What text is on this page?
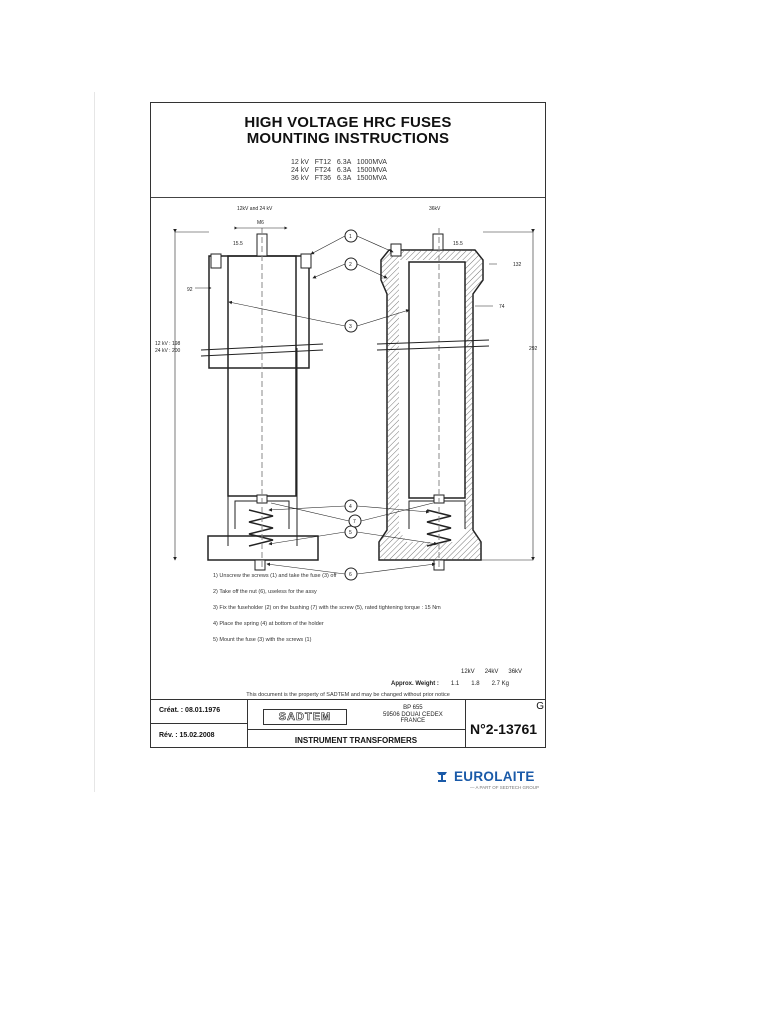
HIGH VOLTAGE HRC FUSES
MOUNTING INSTRUCTIONS
12 kV   FT12   6.3A   1000MVA
24 kV   FT24   6.3A   1500MVA
36 kV   FT36   6.3A   1500MVA
12kV and 24 kV
M6
36kV
15.5	15.5
92
132
74
292
12 kV : 198
24 kV : 200
1
2
3
4
5
6
7
1) Unscrew the screws (1) and take the fuse (3) off
2) Take off the nut (6), useless for the assy
3) Fix the fuseholder (2) on the bushing (7) with the screw (5), rated tightening torque : 15 Nm
4) Place the spring (4) at bottom of the holder
5) Mount the fuse (3) with the screws (1)
12kV 24kV 36kV
Approx. Weight : 1.1 1.8 2.7 Kg
This document is the property of SADTEM and may be changed without prior notice
Créat. : 08.01.1976
Rév. : 15.02.2008
SADTEM
BP 655
59506 DOUAI CEDEX
FRANCE
INSTRUMENT TRANSFORMERS
G
N°2-13761
EUROLAITE
— A PART OF SEDTECH GROUP
